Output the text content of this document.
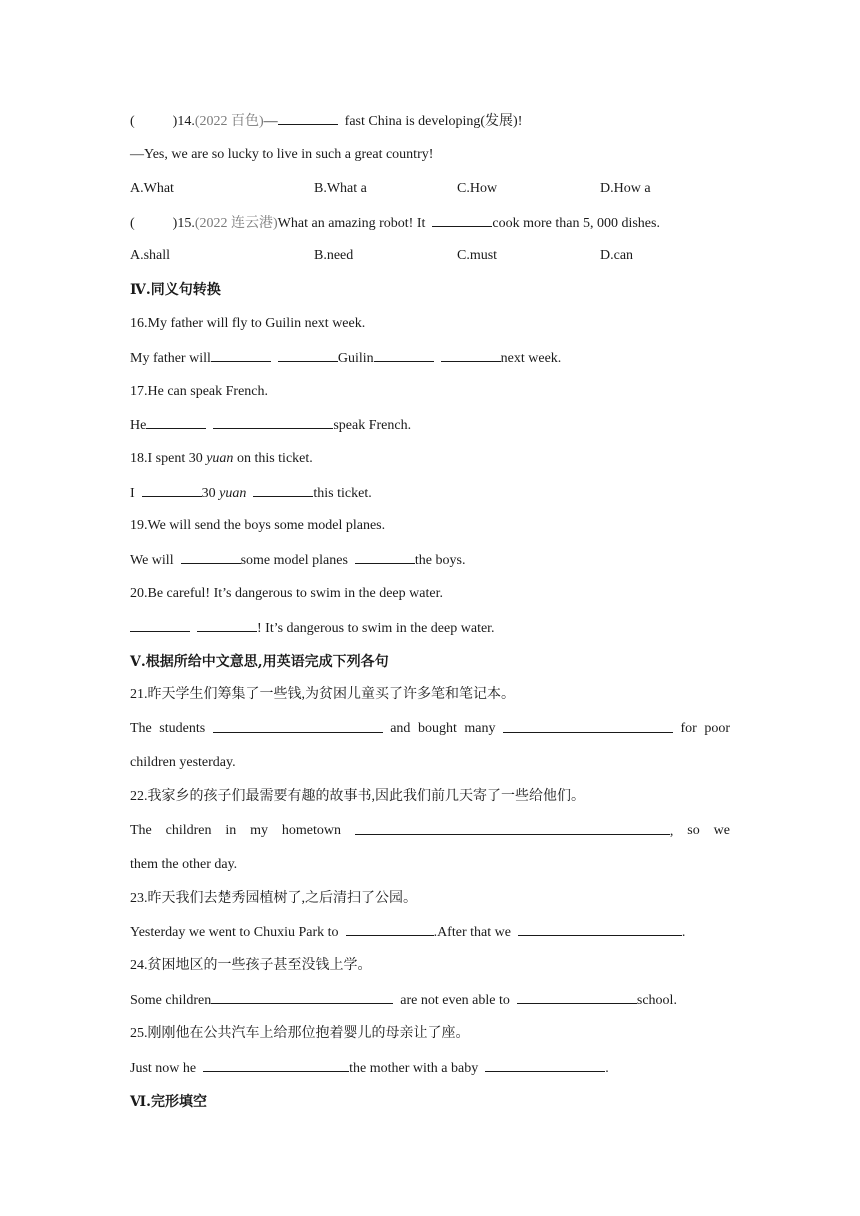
(	)14.(2022 百色)—	fast China is developing(发展)!
—Yes, we are so lucky to live in such a great country!
A.What	B.What a	C.How	D.How a
(	)15.(2022 连云港)What an amazing robot! It	cook more than 5, 000 dishes.
A.shall	B.need	C.must	D.can
Ⅳ.同义句转换
16.My father will fly to Guilin next week.
My father will	Guilin	next week.
17.He can speak French.
He	speak French.
18.I spent 30 yuan on this ticket.
I	30 yuan	this ticket.
19.We will send the boys some model planes.
We will	some model planes	the boys.
20.Be careful! It’s dangerous to swim in the deep water.
! It’s dangerous to swim in the deep water.
Ⅴ.根据所给中文意思,用英语完成下列各句
21.昨天学生们筹集了一些钱,为贫困儿童买了许多笔和笔记本。
The students	and bought many	for poor
children yesterday.
22.我家乡的孩子们最需要有趣的故事书,因此我们前几天寄了一些给他们。
The children in my hometown	, so we
them the other day.
23.昨天我们去楚秀园植树了,之后清扫了公园。
Yesterday we went to Chuxiu Park to	.After that we	.
24.贫困地区的一些孩子甚至没钱上学。
Some children	are not even able to	school.
25.刚刚他在公共汽车上给那位抱着婴儿的母亲让了座。
Just now he	the mother with a baby	.
Ⅵ.完形填空
